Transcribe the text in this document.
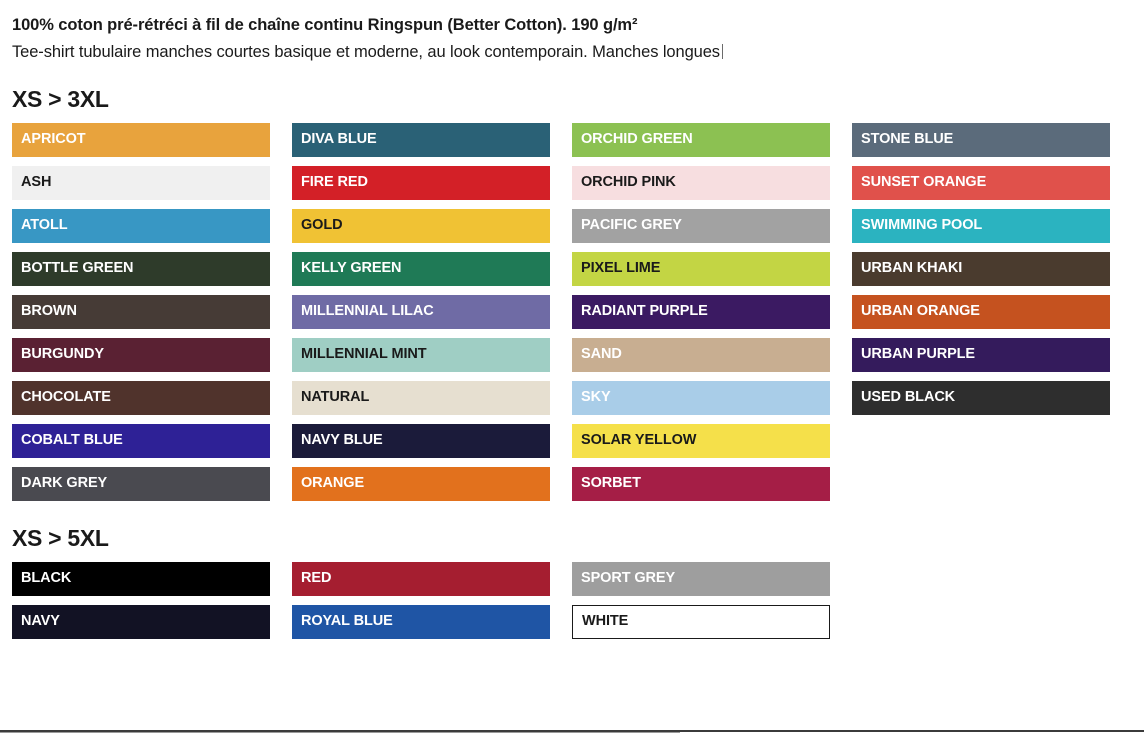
100% coton pré-rétréci à fil de chaîne continu Ringspun (Better Cotton). 190 g/m²
Tee-shirt tubulaire manches courtes basique et moderne, au look contemporain. Manches longues
XS > 3XL
APRICOT	DIVA BLUE	ORCHID GREEN	STONE BLUE
ASH	FIRE RED	ORCHID PINK	SUNSET ORANGE
ATOLL	GOLD	PACIFIC GREY	SWIMMING POOL
BOTTLE GREEN	KELLY GREEN	PIXEL LIME	URBAN KHAKI
BROWN	MILLENNIAL LILAC	RADIANT PURPLE	URBAN ORANGE
BURGUNDY	MILLENNIAL MINT	SAND	URBAN PURPLE
CHOCOLATE	NATURAL	SKY	USED BLACK
COBALT BLUE	NAVY BLUE	SOLAR YELLOW
DARK GREY	ORANGE	SORBET
XS > 5XL
BLACK	RED	SPORT GREY
NAVY	ROYAL BLUE	WHITE
